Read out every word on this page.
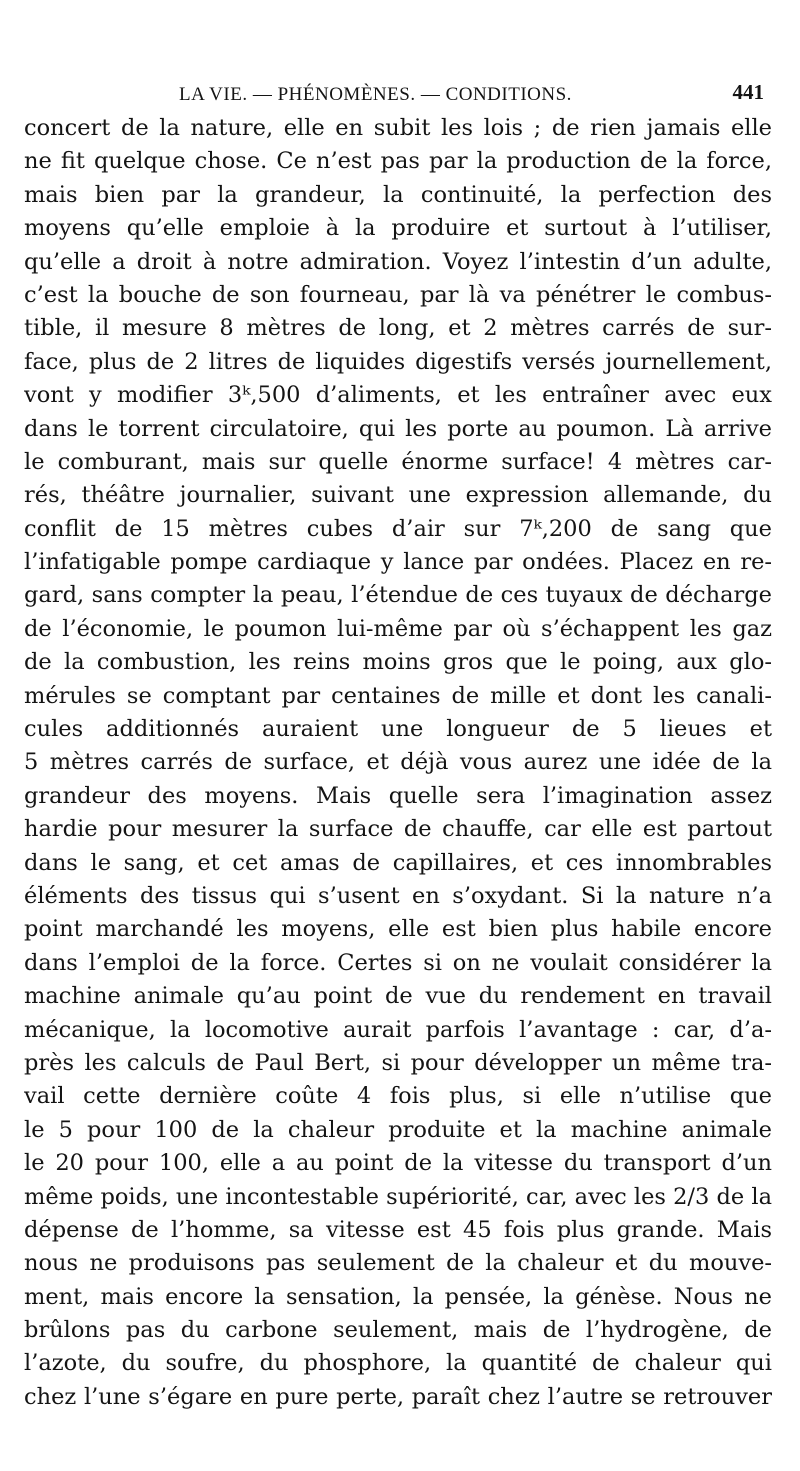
LA VIE. — PHÉNOMÈNES. — CONDITIONS.	441
concert de la nature, elle en subit les lois ; de rien jamais elle
ne fit quelque chose. Ce n’est pas par la production de la force,
mais bien par la grandeur, la continuité, la perfection des
moyens qu’elle emploie à la produire et surtout à l’utiliser,
qu’elle a droit à notre admiration. Voyez l’intestin d’un adulte,
c’est la bouche de son fourneau, par là va pénétrer le combus-
tible, il mesure 8 mètres de long, et 2 mètres carrés de sur-
face, plus de 2 litres de liquides digestifs versés journellement,
vont y modifier 3ᵏ,500 d’aliments, et les entraîner avec eux
dans le torrent circulatoire, qui les porte au poumon. Là arrive
le comburant, mais sur quelle énorme surface! 4 mètres car-
rés, théâtre journalier, suivant une expression allemande, du
conflit de 15 mètres cubes d’air sur 7ᵏ,200 de sang que
l’infatigable pompe cardiaque y lance par ondées. Placez en re-
gard, sans compter la peau, l’étendue de ces tuyaux de décharge
de l’économie, le poumon lui-même par où s’échappent les gaz
de la combustion, les reins moins gros que le poing, aux glo-
mérules se comptant par centaines de mille et dont les canali-
cules additionnés auraient une longueur de 5 lieues et
5 mètres carrés de surface, et déjà vous aurez une idée de la
grandeur des moyens. Mais quelle sera l’imagination assez
hardie pour mesurer la surface de chauffe, car elle est partout
dans le sang, et cet amas de capillaires, et ces innombrables
éléments des tissus qui s’usent en s’oxydant. Si la nature n’a
point marchandé les moyens, elle est bien plus habile encore
dans l’emploi de la force. Certes si on ne voulait considérer la
machine animale qu’au point de vue du rendement en travail
mécanique, la locomotive aurait parfois l’avantage : car, d’a-
près les calculs de Paul Bert, si pour développer un même tra-
vail cette dernière coûte 4 fois plus, si elle n’utilise que
le 5 pour 100 de la chaleur produite et la machine animale
le 20 pour 100, elle a au point de la vitesse du transport d’un
même poids, une incontestable supériorité, car, avec les 2/3 de la
dépense de l’homme, sa vitesse est 45 fois plus grande. Mais
nous ne produisons pas seulement de la chaleur et du mouve-
ment, mais encore la sensation, la pensée, la génèse. Nous ne
brûlons pas du carbone seulement, mais de l’hydrogène, de
l’azote, du soufre, du phosphore, la quantité de chaleur qui
chez l’une s’égare en pure perte, paraît chez l’autre se retrouver
